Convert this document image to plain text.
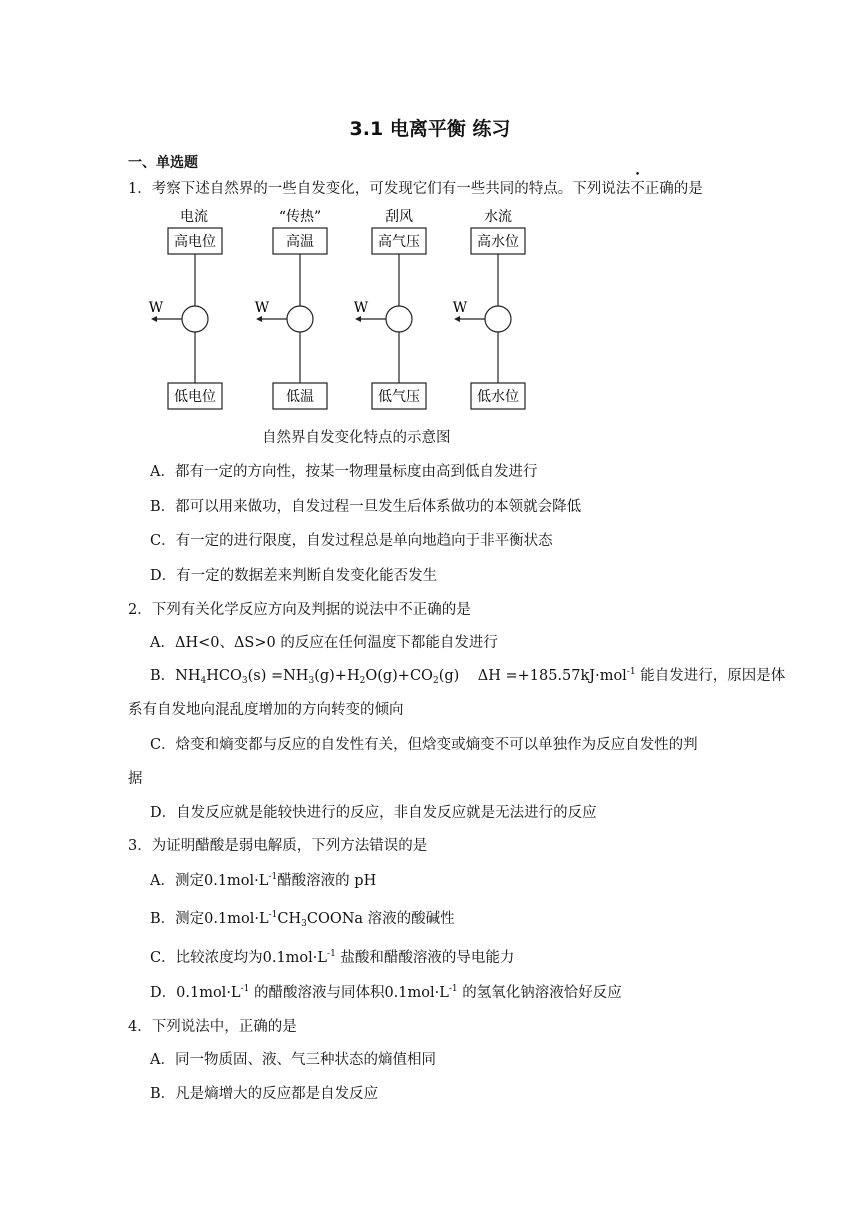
3.1 电离平衡 练习
一、单选题
1．考察下述自然界的一些自发变化，可发现它们有一些共同的特点。下列说法不正确的是
电流
高电位
W
低电位
“传热”
高温
W
低温
刮风
高气压
W
低气压
水流
高水位
W
低水位
自然界自发变化特点的示意图
A．都有一定的方向性，按某一物理量标度由高到低自发进行
B．都可以用来做功，自发过程一旦发生后体系做功的本领就会降低
C．有一定的进行限度，自发过程总是单向地趋向于非平衡状态
D．有一定的数据差来判断自发变化能否发生
2．下列有关化学反应方向及判据的说法中不正确的是
A．ΔH<0、ΔS>0 的反应在任何温度下都能自发进行
B．$NH_4HCO_3(s) =NH_3(g)+H_2O(g)+CO_2(g)$    ΔH =+185.57kJ·mol$^{-1}$ 能自发进行，原因是体
系有自发地向混乱度增加的方向转变的倾向
C．焓变和熵变都与反应的自发性有关，但焓变或熵变不可以单独作为反应自发性的判
据
D．自发反应就是能较快进行的反应，非自发反应就是无法进行的反应
3．为证明醋酸是弱电解质，下列方法错误的是
A．测定$0.1mol\cdot L^{-1}$醋酸溶液的 pH
B．测定$0.1mol\cdot L^{-1}CH_3COONa$ 溶液的酸碱性
C．比较浓度均为$0.1mol\cdot L^{-1}$ 盐酸和醋酸溶液的导电能力
D．$0.1mol\cdot L^{-1}$ 的醋酸溶液与同体积$0.1mol\cdot L^{-1}$ 的氢氧化钠溶液恰好反应
4．下列说法中，正确的是
A．同一物质固、液、气三种状态的熵值相同
B．凡是熵增大的反应都是自发反应
